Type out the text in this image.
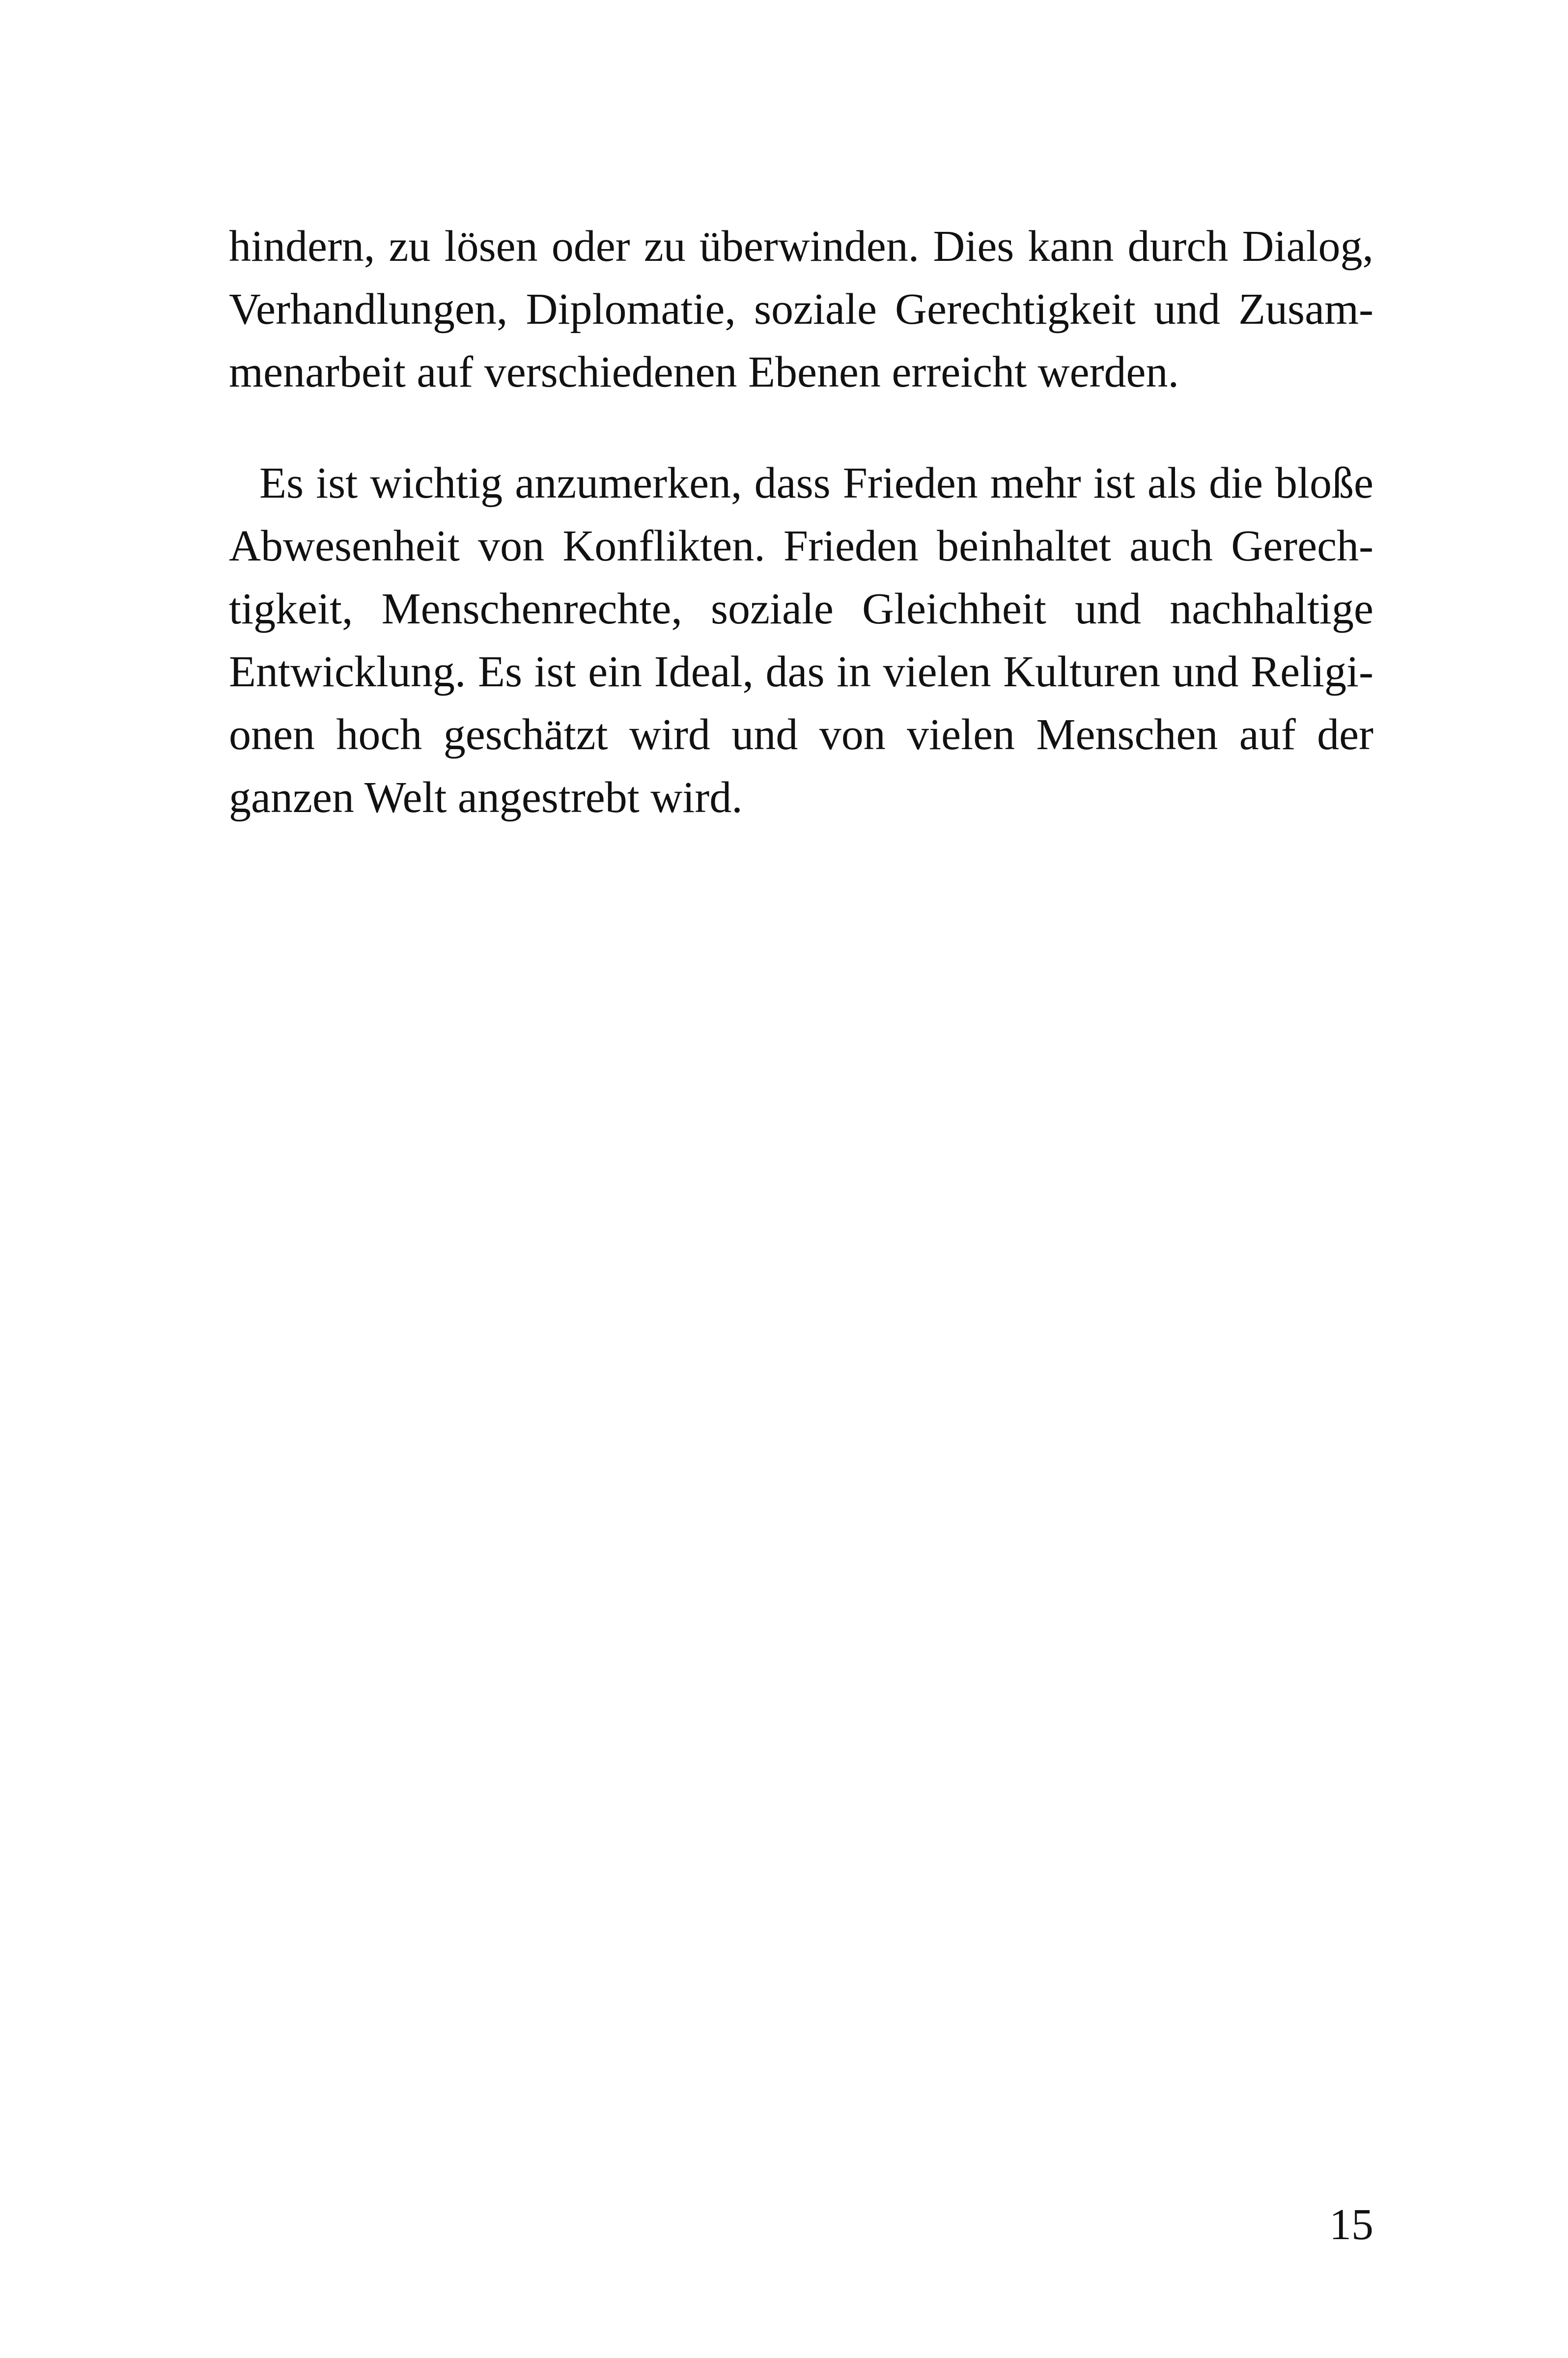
hindern, zu lösen oder zu überwinden. Dies kann durch Dialog,
Verhandlungen, Diplomatie, soziale Gerechtigkeit und Zusam-
menarbeit auf verschiedenen Ebenen erreicht werden.
Es ist wichtig anzumerken, dass Frieden mehr ist als die bloße
Abwesenheit von Konflikten. Frieden beinhaltet auch Gerech-
tigkeit, Menschenrechte, soziale Gleichheit und nachhaltige
Entwicklung. Es ist ein Ideal, das in vielen Kulturen und Religi-
onen hoch geschätzt wird und von vielen Menschen auf der
ganzen Welt angestrebt wird.
15
